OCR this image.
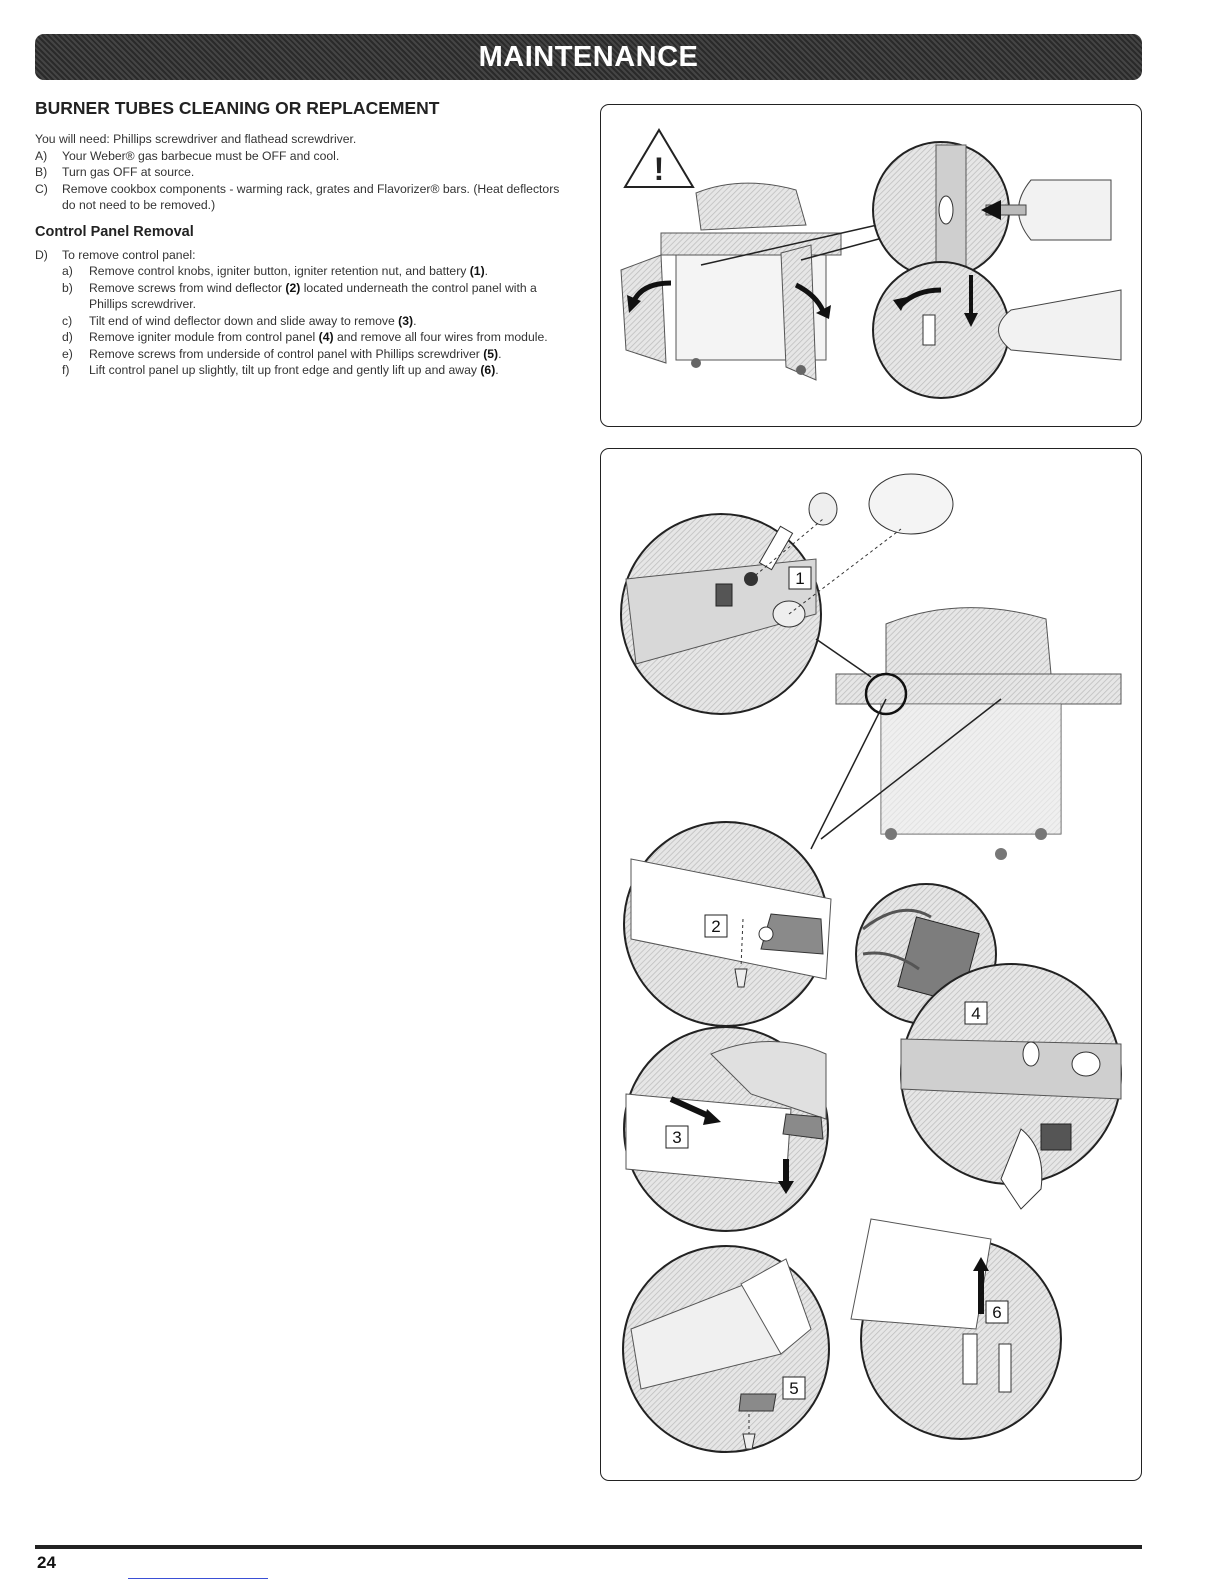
MAINTENANCE
BURNER TUBES CLEANING OR REPLACEMENT

You will need: Phillips screwdriver and flathead screwdriver.

A)	Your Weber® gas barbecue must be OFF and cool.
B)	Turn gas OFF at source.
C)	Remove cookbox components - warming rack, grates and Flavorizer® bars. (Heat deflectors do not need to be removed.)
Control Panel Removal
D)	To remove control panel:
a)	Remove control knobs, igniter button, igniter retention nut, and battery (1).
b)	Remove screws from wind deflector (2) located underneath the control panel with a Phillips screwdriver.
c)	Tilt end of wind deflector down and slide away to remove (3).
d)	Remove igniter module from control panel (4) and remove all four wires from module.
e)	Remove screws from underside of control panel with Phillips screwdriver (5).
f)	Lift control panel up slightly, tilt up front edge and gently lift up and away (6).
!
1
2
4
3
5
6
24
